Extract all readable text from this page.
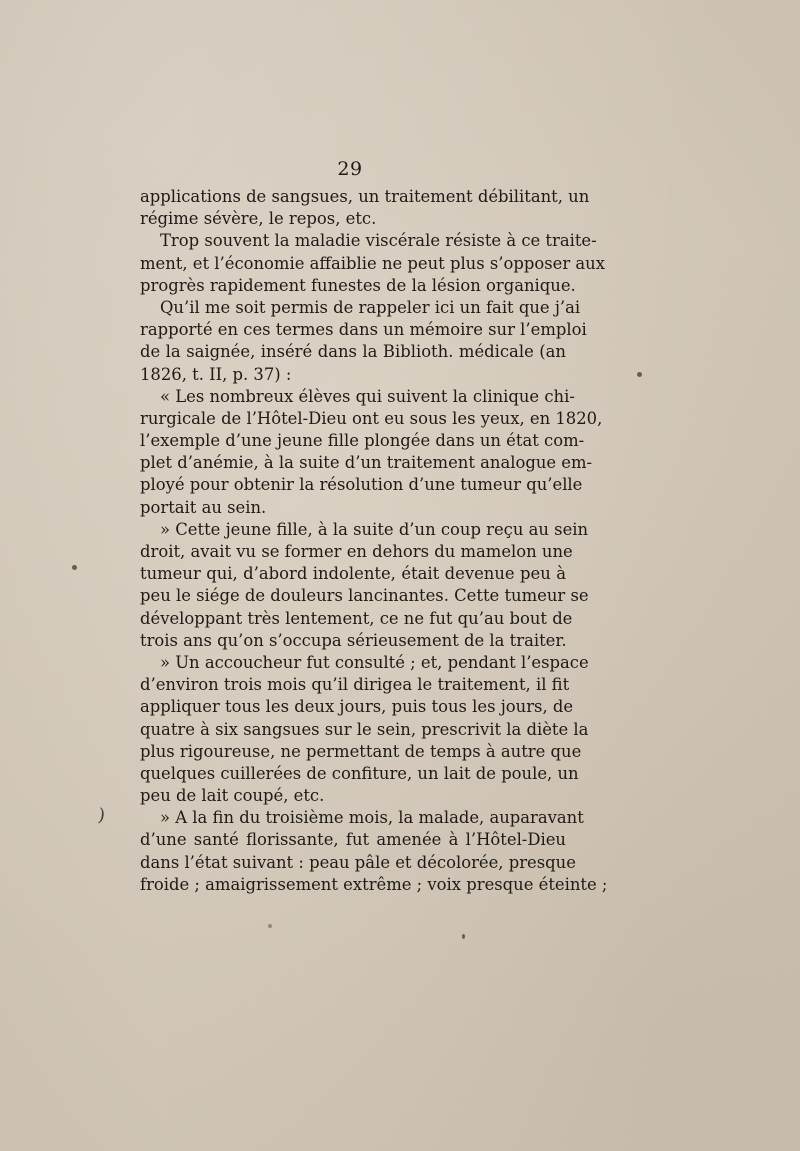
29
applications de sangsues, un traitement débilitant, un
régime sévère, le repos, etc.
Trop souvent la maladie viscérale résiste à ce traite-
ment, et l’économie affaiblie ne peut plus s’opposer aux
progrès rapidement funestes de la lésion organique.
Qu’il me soit permis de rappeler ici un fait que j’ai
rapporté en ces termes dans un mémoire sur l’emploi
de la saignée, inséré dans la Biblioth. médicale (an
1826, t. II, p. 37) :
« Les nombreux élèves qui suivent la clinique chi-
rurgicale de l’Hôtel-Dieu ont eu sous les yeux, en 1820,
l’exemple d’une jeune fille plongée dans un état com-
plet d’anémie, à la suite d’un traitement analogue em-
ployé pour obtenir la résolution d’une tumeur qu’elle
portait au sein.
» Cette jeune fille, à la suite d’un coup reçu au sein
droit, avait vu se former en dehors du mamelon une
tumeur qui, d’abord indolente, était devenue peu à
peu le siége de douleurs lancinantes. Cette tumeur se
développant très lentement, ce ne fut qu’au bout de
trois ans qu’on s’occupa sérieusement de la traiter.
» Un accoucheur fut consulté ; et, pendant l’espace
d’environ trois mois qu’il dirigea le traitement, il fit
appliquer tous les deux jours, puis tous les jours, de
quatre à six sangsues sur le sein, prescrivit la diète la
plus rigoureuse, ne permettant de temps à autre que
quelques cuillerées de confiture, un lait de poule, un
peu de lait coupé, etc.
» A la fin du troisième mois, la malade, auparavant
d’une santé florissante, fut amenée à l’Hôtel-Dieu
dans l’état suivant : peau pâle et décolorée, presque
froide ; amaigrissement extrême ; voix presque éteinte ;
)
